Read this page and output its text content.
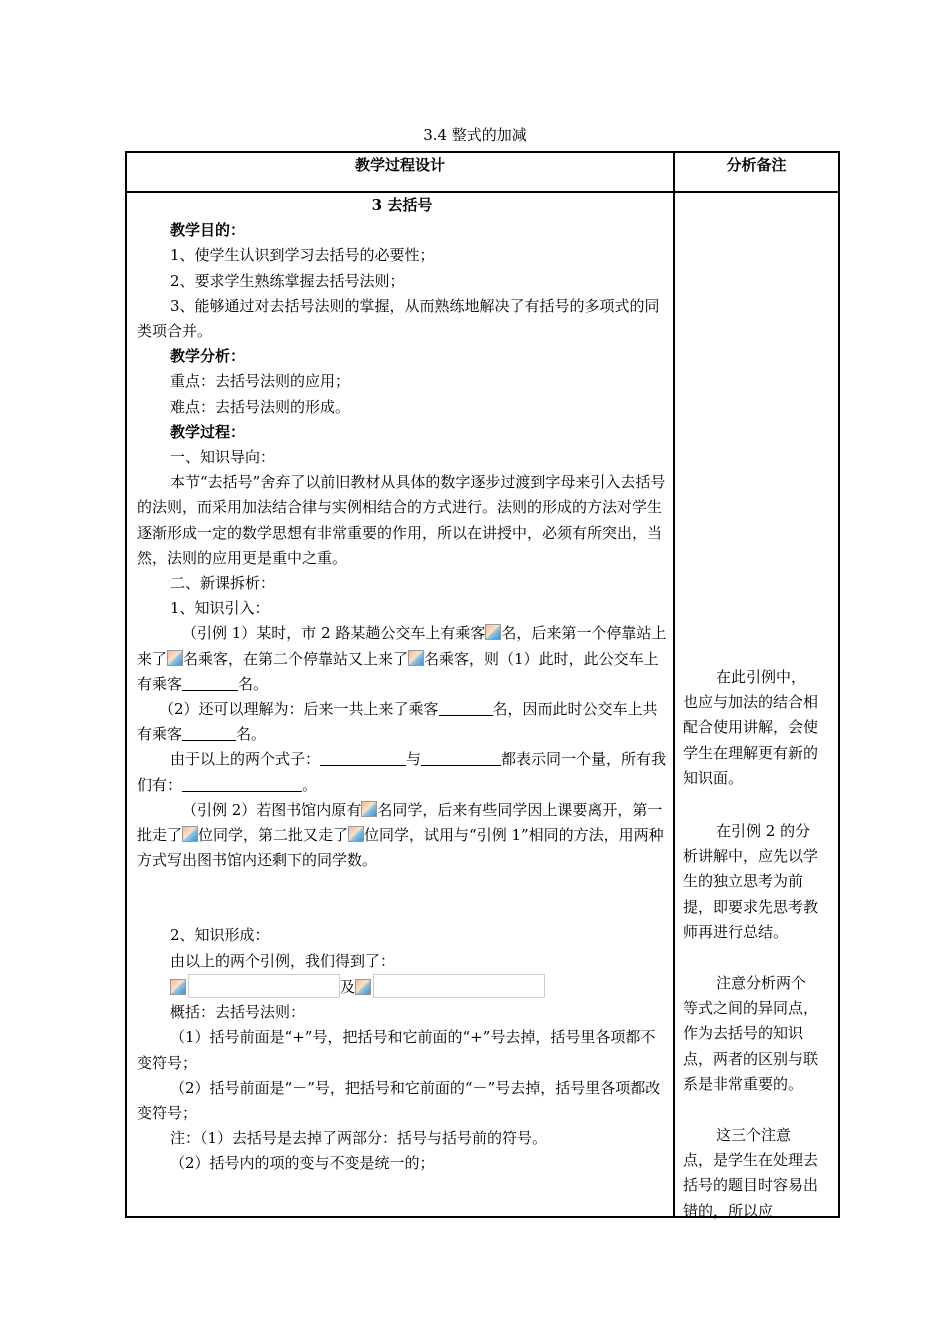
3.4 整式的加减
教学过程设计	分析备注

3 去括号

教学目的：

1、使学生认识到学习去括号的必要性；

2、要求学生熟练掌握去括号法则；

3、能够通过对去括号法则的掌握，从而熟练地解决了有括号的多项式的同类项合并。

教学分析：

重点：去括号法则的应用；

难点：去括号法则的形成。

教学过程：

一、知识导向：

本节“去括号”舍弃了以前旧教材从具体的数字逐步过渡到字母来引入去括号的法则，而采用加法结合律与实例相结合的方式进行。法则的形成的方法对学生逐渐形成一定的数学思想有非常重要的作用，所以在讲授中，必须有所突出，当然，法则的应用更是重中之重。

二、新课拆析：

1、知识引入：

（引例 1）某时，市 2 路某趟公交车上有乘客 名，后来第一个停靠站上来了 名乘客，在第二个停靠站又上来了 名乘客，则（1）此时，此公交车上有乘客	名。

（2）还可以理解为：后来一共上来了乘客	名，因而此时公交车上共有乘客	名。

由于以上的两个式子：	与	都表示同一个量，所有我们有：	。

（引例 2）若图书馆内原有 名同学，后来有些同学因上课要离开，第一批走了 位同学，第二批又走了 位同学，试用与“引例 1”相同的方法，用两种方式写出图书馆内还剩下的同学数。

2、知识形成：

由以上的两个引例，我们得到了：

及

概括：去括号法则：

（1）括号前面是“+”号，把括号和它前面的“+”号去掉，括号里各项都不变符号；

（2）括号前面是“－”号，把括号和它前面的“－”号去掉，括号里各项都改变符号；

注：（1）去括号是去掉了两部分：括号与括号前的符号。

（2）括号内的项的变与不变是统一的；

在此引例中，也应与加法的结合相配合使用讲解，会使学生在理解更有新的知识面。

在引例 2 的分析讲解中，应先以学生的独立思考为前提，即要求先思考教师再进行总结。

注意分析两个等式之间的异同点，作为去括号的知识点，两者的区别与联系是非常重要的。

这三个注意点，是学生在处理去括号的题目时容易出错的，所以应
